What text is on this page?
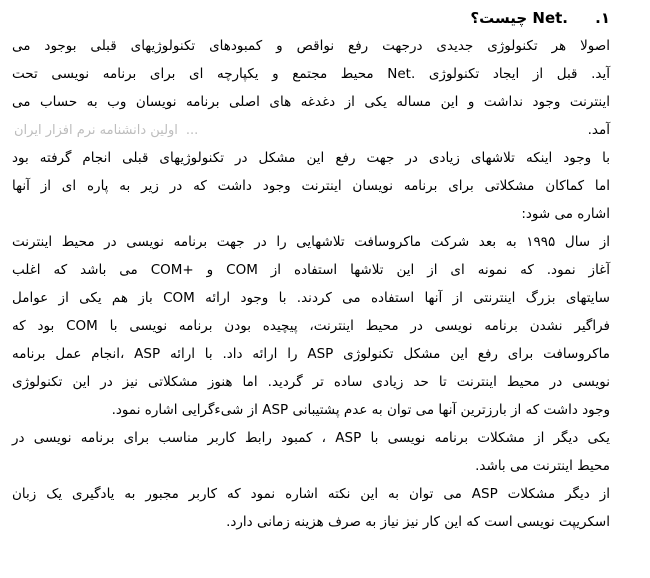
۱.
.Net چیست؟
اصولا هر تکنولوژی جدیدی درجهت رفع نواقص و کمبودهای تکنولوژیهای قبلی بوجود می
آید. قبل از ایجاد تکنولوژی .Net محیط مجتمع و یکپارچه ای برای برنامه نویسی تحت
اینترنت وجود نداشت و این مساله یکی از دغدغه های اصلی برنامه نویسان وب به حساب می
آمد.
با وجود اینکه تلاشهای زیادی در جهت رفع این مشکل در تکنولوژیهای قبلی انجام گرفته بود
اما کماکان مشکلاتی برای برنامه نویسان اینترنت وجود داشت که در زیر به پاره ای از آنها
اشاره می شود:
از سال ۱۹۹۵ به بعد شرکت ماکروسافت تلاشهایی را در جهت برنامه نویسی در محیط اینترنت
آغاز نمود. که نمونه ای از این تلاشها استفاده از COM و +COM می باشد که اغلب
سایتهای بزرگ اینترنتی از آنها استفاده می کردند. با وجود ارائه COM باز هم یکی از عوامل
فراگیر نشدن برنامه نویسی در محیط اینترنت، پیچیده بودن برنامه نویسی با COM بود که
ماکروسافت برای رفع این مشکل تکنولوژی ASP را ارائه داد. با ارائه ASP ،انجام عمل برنامه
نویسی در محیط اینترنت تا حد زیادی ساده تر گردید. اما هنوز مشکلاتی نیز در این تکنولوژی
وجود داشت که از بارزترین آنها می توان به عدم پشتیبانی ASP از شیءگرایی اشاره نمود.
یکی دیگر از مشکلات برنامه نویسی با ASP ، کمبود رابط کاربر مناسب برای برنامه نویسی در
محیط اینترنت می باشد.
از دیگر مشکلات ASP می توان به این نکته اشاره نمود که کاربر مجبور به یادگیری یک زبان
اسکریپت نویسی است که این کار نیز نیاز به صرف هزینه زمانی دارد.
...
اولین دانشنامه نرم افزار ایران
